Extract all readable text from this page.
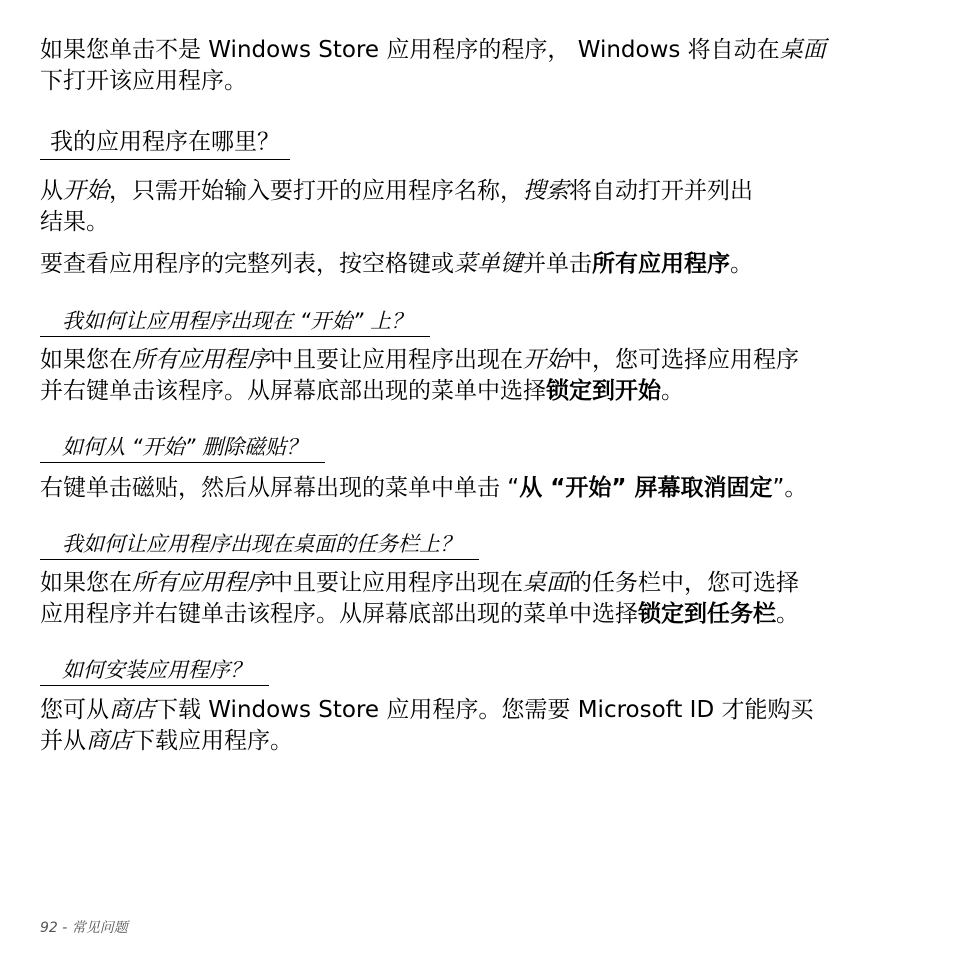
如果您单击不是 Windows Store 应用程序的程序， Windows 将自动在桌面
下打开该应用程序。

我的应用程序在哪里？

从开始，只需开始输入要打开的应用程序名称，搜索将自动打开并列出
结果。

要查看应用程序的完整列表，按空格键或菜单键并单击所有应用程序。

我如何让应用程序出现在 “开始” 上？

如果您在所有应用程序中且要让应用程序出现在开始中，您可选择应用程序
并右键单击该程序。从屏幕底部出现的菜单中选择锁定到开始。

如何从 “开始” 删除磁贴？

右键单击磁贴，然后从屏幕出现的菜单中单击 “从 “开始” 屏幕取消固定”。

我如何让应用程序出现在桌面的任务栏上？

如果您在所有应用程序中且要让应用程序出现在桌面的任务栏中，您可选择
应用程序并右键单击该程序。从屏幕底部出现的菜单中选择锁定到任务栏。

如何安装应用程序？

您可从商店下载 Windows Store 应用程序。您需要 Microsoft ID 才能购买
并从商店下载应用程序。

92 - 常见问题
